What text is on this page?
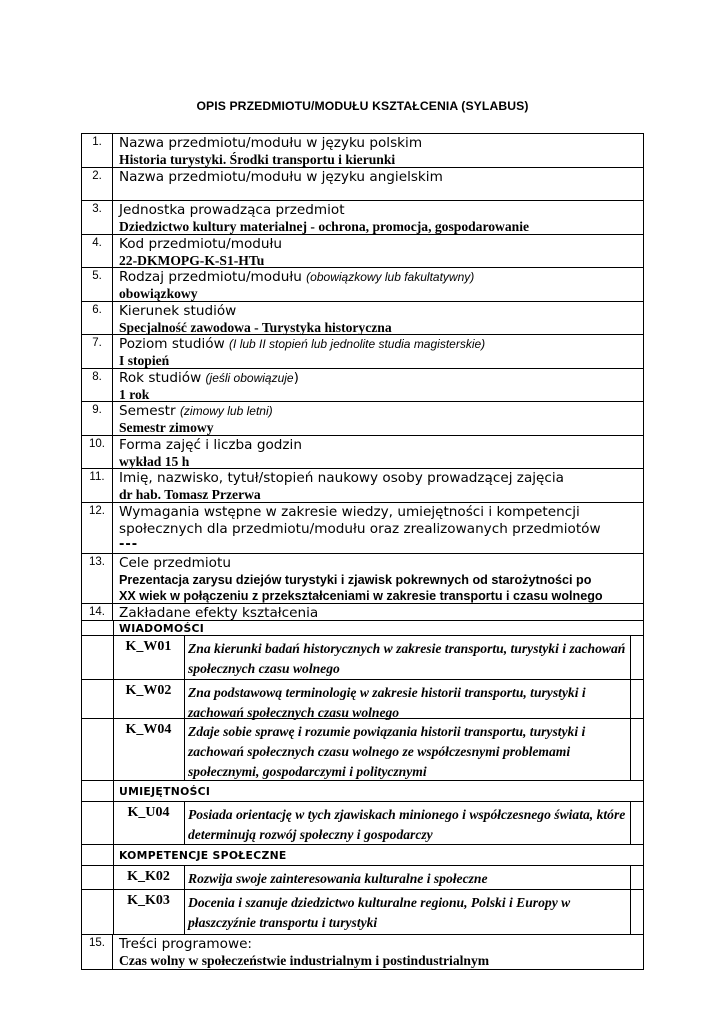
OPIS PRZEDMIOTU/MODUŁU KSZTAŁCENIA (SYLABUS)
1.	Nazwa przedmiotu/modułu w języku polskim
Historia turystyki. Środki transportu i kierunki
2.	Nazwa przedmiotu/modułu w języku angielskim
3.	Jednostka prowadząca przedmiot
Dziedzictwo kultury materialnej - ochrona, promocja, gospodarowanie
4.	Kod przedmiotu/modułu
22-DKMOPG-K-S1-HTu
5.	Rodzaj przedmiotu/modułu (obowiązkowy lub fakultatywny)
obowiązkowy
6.	Kierunek studiów
Specjalność zawodowa - Turystyka historyczna
7.	Poziom studiów (I lub II stopień lub jednolite studia magisterskie)
I stopień
8.	Rok studiów (jeśli obowiązuje)
1 rok
9.	Semestr (zimowy lub letni)
Semestr zimowy
10.	Forma zajęć i liczba godzin
wykład 15 h
11.	Imię, nazwisko, tytuł/stopień naukowy osoby prowadzącej zajęcia
dr hab. Tomasz Przerwa
12.	Wymagania wstępne w zakresie wiedzy, umiejętności i kompetencji
społecznych dla przedmiotu/modułu oraz zrealizowanych przedmiotów
---
13.	Cele przedmiotu
Prezentacja zarysu dziejów turystyki i zjawisk pokrewnych od starożytności po
XX wiek w połączeniu z przekształceniami w zakresie transportu i czasu wolnego
14.	Zakładane efekty kształcenia
WIADOMOŚCI
K_W01	Zna kierunki badań historycznych w zakresie transportu, turystyki i zachowań społecznych czasu wolnego
K_W02	Zna podstawową terminologię w zakresie historii transportu, turystyki i zachowań społecznych czasu wolnego
K_W04	Zdaje sobie sprawę i rozumie powiązania historii transportu, turystyki i zachowań społecznych czasu wolnego ze współczesnymi problemami społecznymi, gospodarczymi i politycznymi
UMIEJĘTNOŚCI
K_U04	Posiada orientację w tych zjawiskach minionego i współczesnego świata, które determinują rozwój społeczny i gospodarczy
KOMPETENCJE SPOŁECZNE
K_K02	Rozwija swoje zainteresowania kulturalne i społeczne
K_K03	Docenia i szanuje dziedzictwo kulturalne regionu, Polski i Europy w płaszczyźnie transportu i turystyki
15.	Treści programowe:
Czas wolny w społeczeństwie industrialnym i postindustrialnym
